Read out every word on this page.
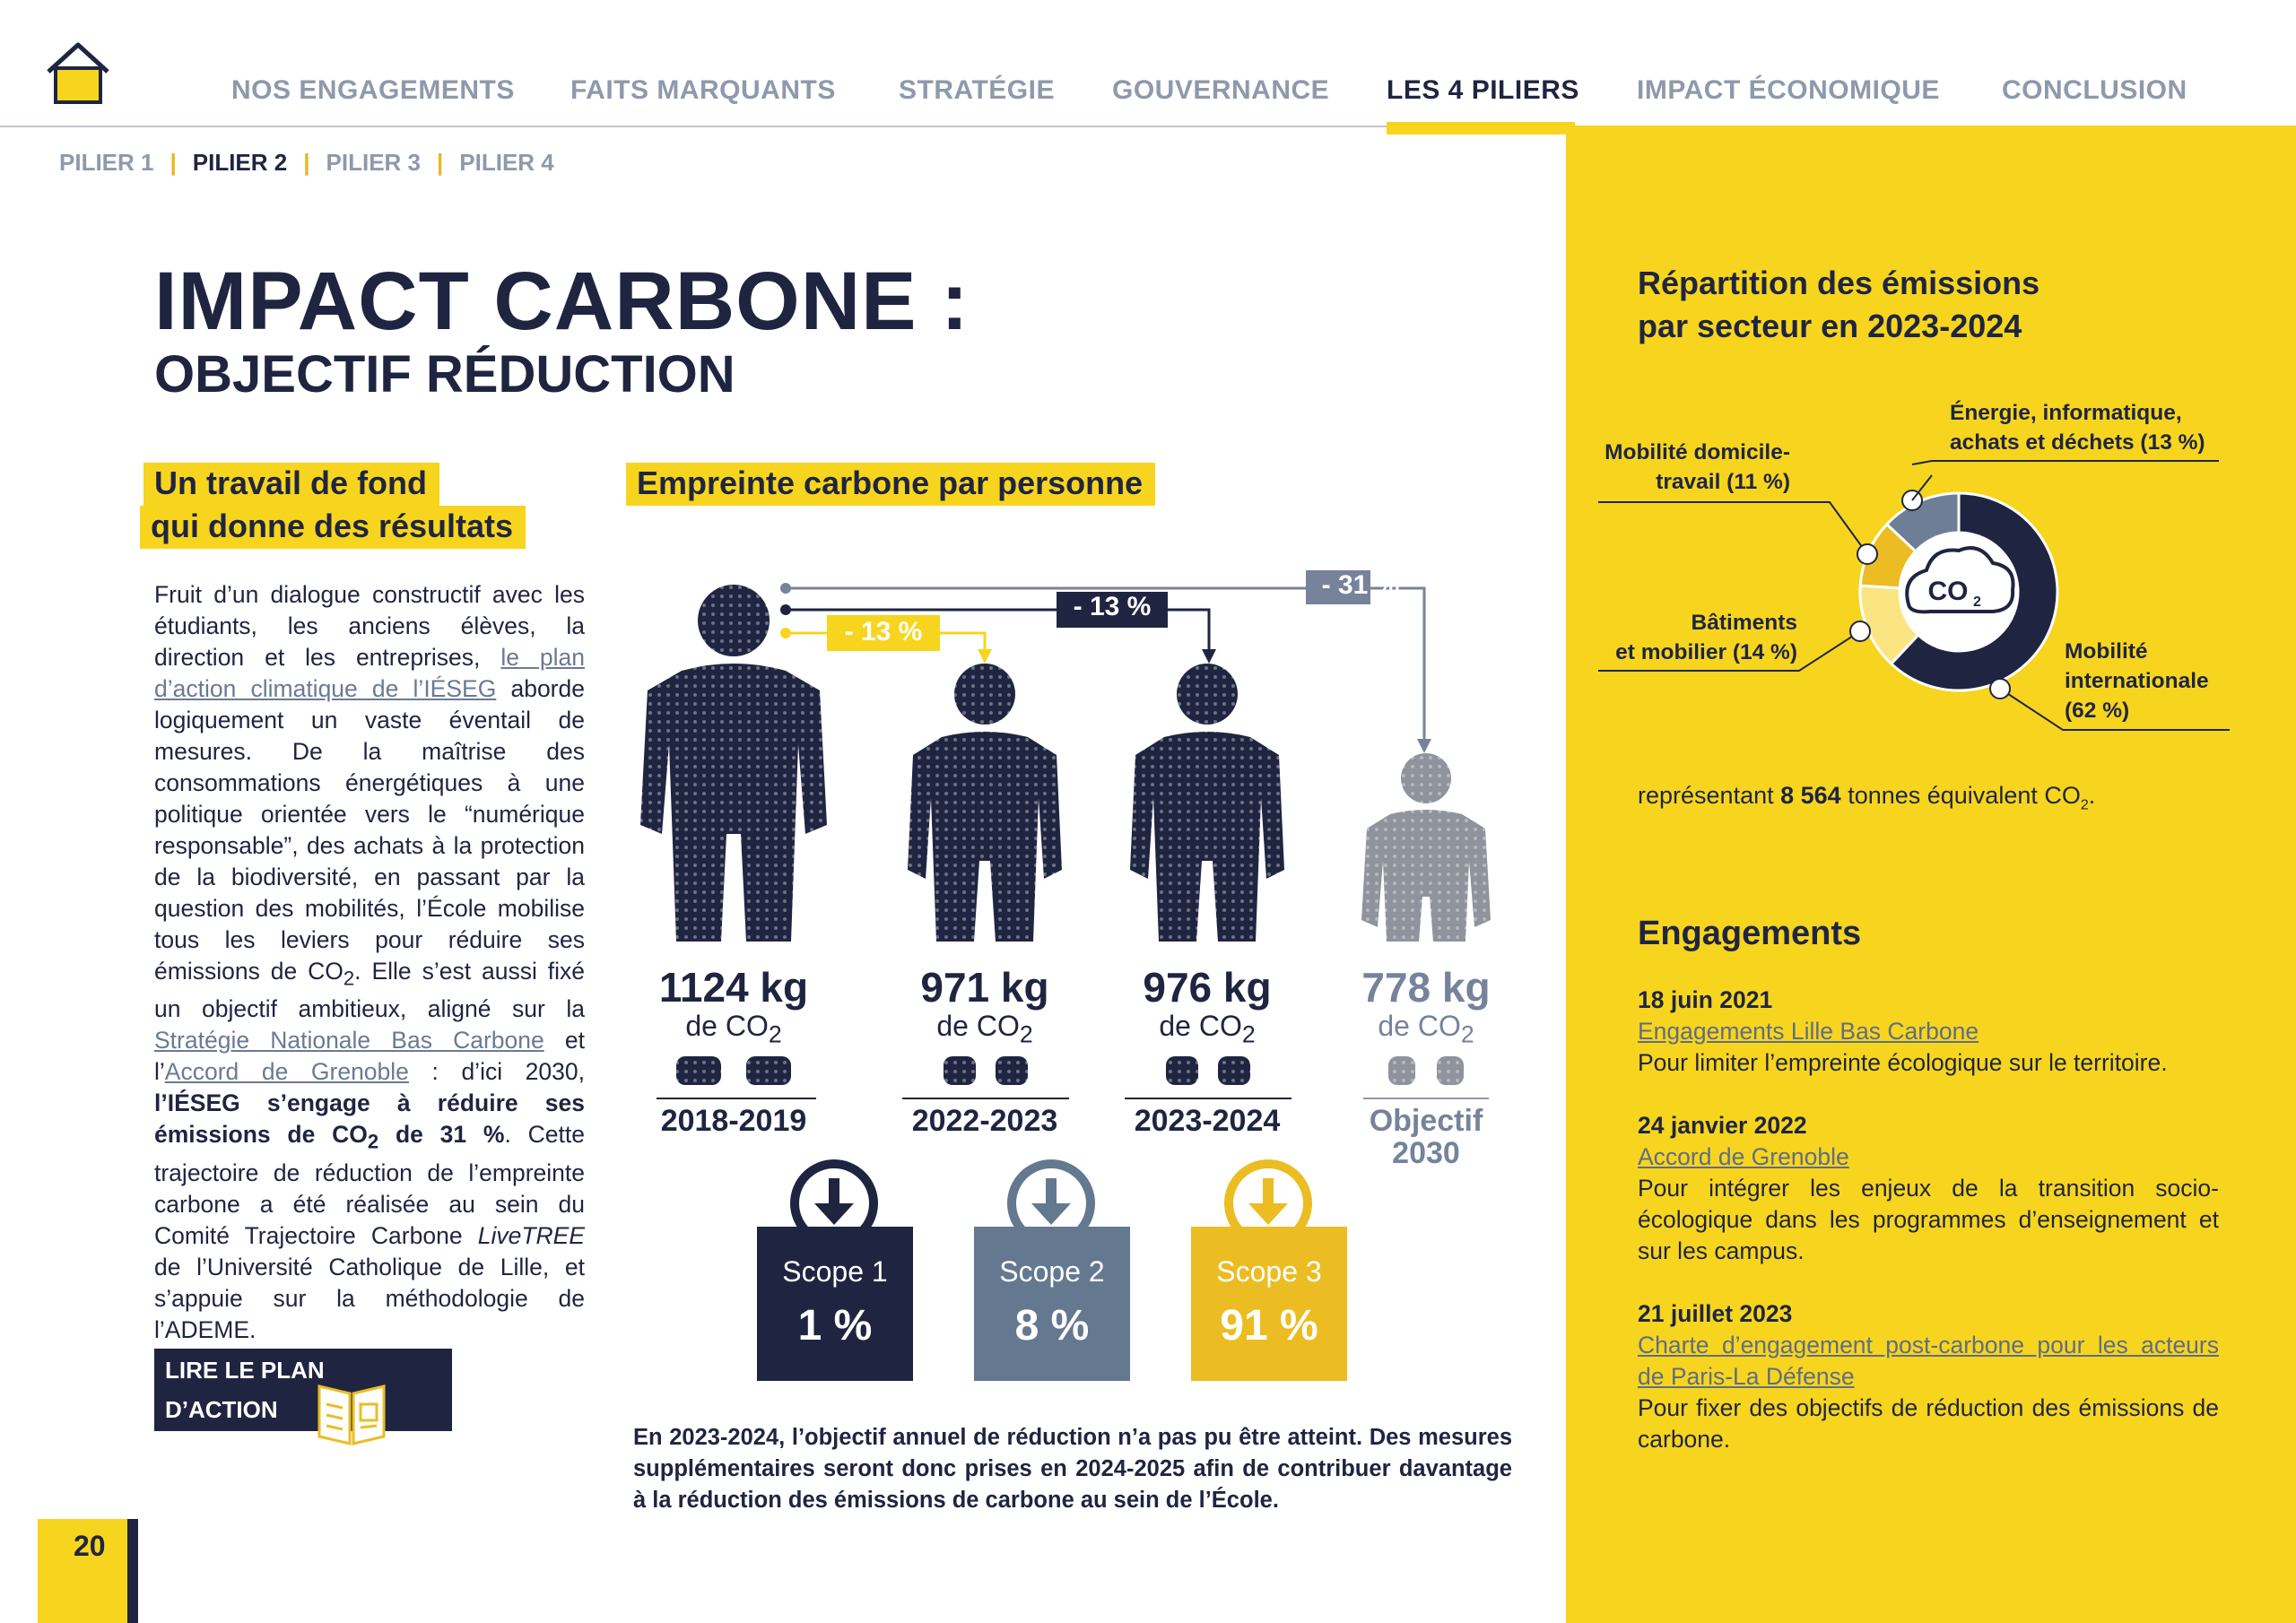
NOS ENGAGEMENTS FAITS MARQUANTS STRATÉGIE GOUVERNANCE LES 4 PILIERS IMPACT ÉCONOMIQUE CONCLUSION
PILIER 1 | PILIER 2 | PILIER 3 | PILIER 4
IMPACT CARBONE :
OBJECTIF RÉDUCTION
Un travail de fond
qui donne des résultats
Fruit d’un dialogue constructif avec les étudiants, les anciens élèves, la direction et les entreprises, le plan d’action climatique de l’IÉSEG aborde logiquement un vaste éventail de mesures. De la maîtrise des consommations énergétiques à une politique orientée vers le “numérique responsable”, des achats à la protection de la biodiversité, en passant par la question des mobilités, l’École mobilise tous les leviers pour réduire ses émissions de $CO_2$. Elle s’est aussi fixé un objectif ambitieux, aligné sur la Stratégie Nationale Bas Carbone et l’Accord de Grenoble : d’ici 2030, l’IÉSEG s’engage à réduire ses émissions de $CO_2$ de 31 %. Cette trajectoire de réduction de l’empreinte carbone a été réalisée au sein du Comité Trajectoire Carbone LiveTREE de l’Université Catholique de Lille, et s’appuie sur la méthodologie de l’ADEME.
LIRE LE PLAN D’ACTION
CLIMATIQUE
20
Empreinte carbone par personne
- 31 %
- 13 %
- 13 %
1124 kg
de $CO_2$
2018-2019
971 kg
de $CO_2$
2022-2023
976 kg
de $CO_2$
2023-2024
778 kg
de $CO_2$
Objectif
2030
Scope 1
1 %
Scope 2
8 %
Scope 3
91 %
En 2023-2024, l’objectif annuel de réduction n’a pas pu être atteint. Des mesures supplémentaires seront donc prises en 2024-2025 afin de contribuer davantage à la réduction des émissions de carbone au sein de l’École.
Répartition des émissions
par secteur en 2023-2024
CO 2
Énergie, informatique,
achats et déchets (13 %)
Mobilité domicile-
travail (11 %)
Bâtiments
et mobilier (14 %)	Mobilité
internationale
(62 %)
représentant 8 564 tonnes équivalent $CO_2$.
Engagements
18 juin 2021
Engagements Lille Bas Carbone
Pour limiter l’empreinte écologique sur le territoire.
24 janvier 2022
Accord de Grenoble
Pour intégrer les enjeux de la transition socio-écologique dans les programmes d’enseignement et sur les campus.
21 juillet 2023
Charte d’engagement post-carbone pour les acteurs de Paris-La Défense
Pour fixer des objectifs de réduction des émissions de carbone.
